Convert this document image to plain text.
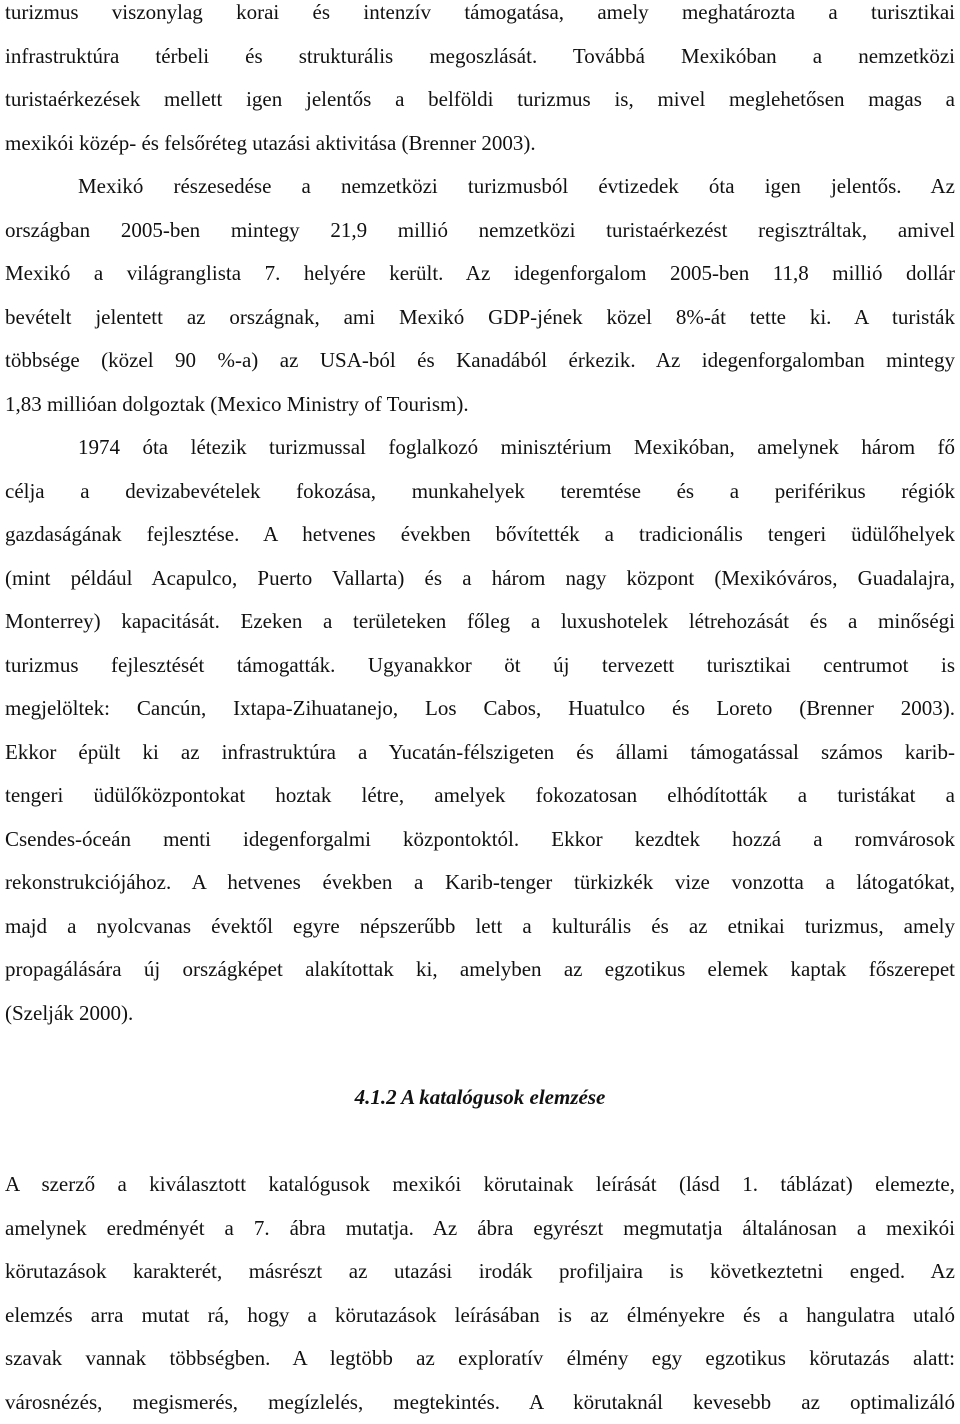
turizmus viszonylag korai és intenzív támogatása, amely meghatározta a turisztikai
infrastruktúra térbeli és strukturális megoszlását. Továbbá Mexikóban a nemzetközi
turistaérkezések mellett igen jelentős a belföldi turizmus is, mivel meglehetősen magas a
mexikói közép- és felsőréteg utazási aktivitása (Brenner 2003).
Mexikó részesedése a nemzetközi turizmusból évtizedek óta igen jelentős. Az
országban 2005-ben mintegy 21,9 millió nemzetközi turistaérkezést regisztráltak, amivel
Mexikó a világranglista 7. helyére került. Az idegenforgalom 2005-ben 11,8 millió dollár
bevételt jelentett az országnak, ami Mexikó GDP-jének közel 8%-át tette ki. A turisták
többsége (közel 90 %-a) az USA-ból és Kanadából érkezik. Az idegenforgalomban mintegy
1,83 millióan dolgoztak (Mexico Ministry of Tourism).
1974 óta létezik turizmussal foglalkozó minisztérium Mexikóban, amelynek három fő
célja a devizabevételek fokozása, munkahelyek teremtése és a periférikus régiók
gazdaságának fejlesztése. A hetvenes években bővítették a tradicionális tengeri üdülőhelyek
(mint például Acapulco, Puerto Vallarta) és a három nagy központ (Mexikóváros, Guadalajra,
Monterrey) kapacitását. Ezeken a területeken főleg a luxushotelek létrehozását és a minőségi
turizmus fejlesztését támogatták. Ugyanakkor öt új tervezett turisztikai centrumot is
megjelöltek: Cancún, Ixtapa-Zihuatanejo, Los Cabos, Huatulco és Loreto (Brenner 2003).
Ekkor épült ki az infrastruktúra a Yucatán-félszigeten és állami támogatással számos karib-
tengeri üdülőközpontokat hoztak létre, amelyek fokozatosan elhódították a turistákat a
Csendes-óceán menti idegenforgalmi központoktól. Ekkor kezdtek hozzá a romvárosok
rekonstrukciójához. A hetvenes években a Karib-tenger türkizkék vize vonzotta a látogatókat,
majd a nyolcvanas évektől egyre népszerűbb lett a kulturális és az etnikai turizmus, amely
propagálására új országképet alakítottak ki, amelyben az egzotikus elemek kaptak főszerepet
(Szelják 2000).
4.1.2 A katalógusok elemzése
A szerző a kiválasztott katalógusok mexikói körutainak leírását (lásd 1. táblázat) elemezte,
amelynek eredményét a 7. ábra mutatja. Az ábra egyrészt megmutatja általánosan a mexikói
körutazások karakterét, másrészt az utazási irodák profiljaira is következtetni enged. Az
elemzés arra mutat rá, hogy a körutazások leírásában is az élményekre és a hangulatra utaló
szavak vannak többségben. A legtöbb az exploratív élmény egy egzotikus körutazás alatt:
városnézés, megismerés, megízlelés, megtekintés. A körutaknál kevesebb az optimalizáló
